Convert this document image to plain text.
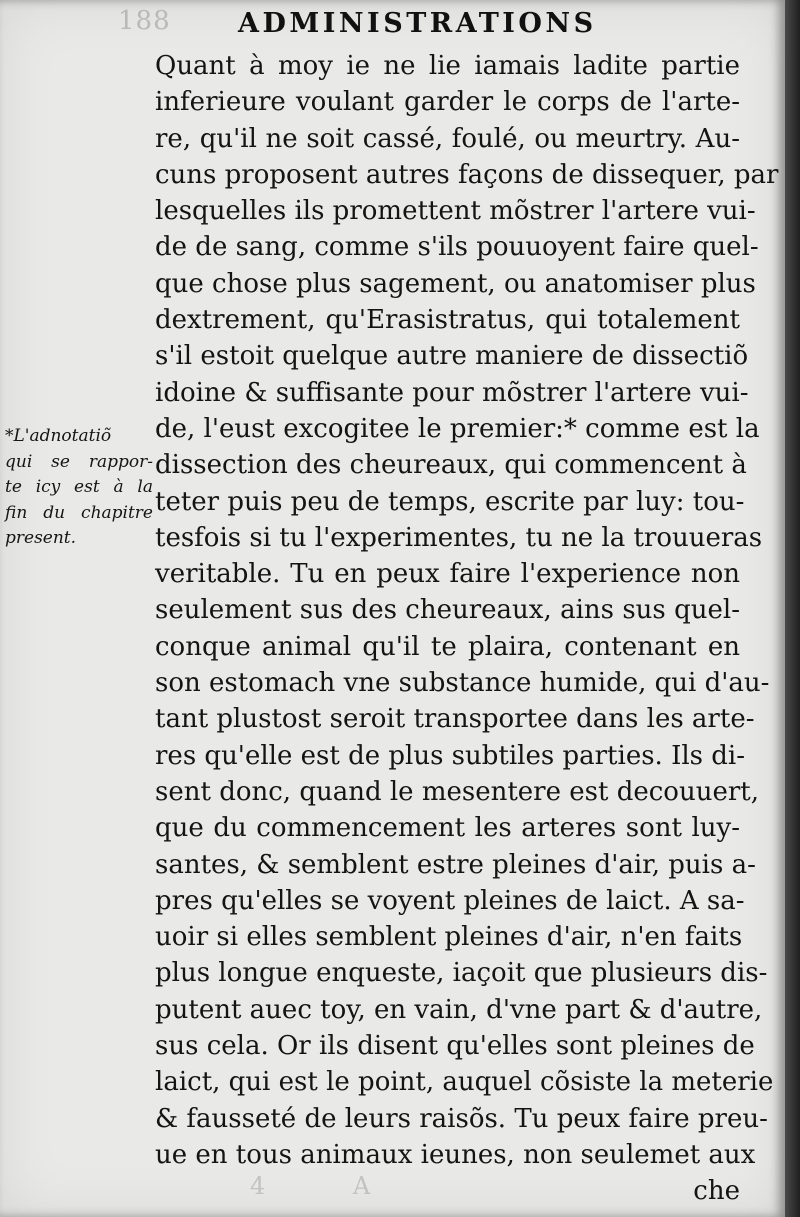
188 ADMINISTRATIONS
*L'adnotatiõ
qui se rappor-
te icy est à la
fin du chapitre
present.
Quant à moy ie ne lie iamais ladite partie
inferieure voulant garder le corps de l'arte-
re, qu'il ne soit cassé, foulé, ou meurtry. Au-
cuns proposent autres façons de dissequer, par
lesquelles ils promettent mõstrer l'artere vui-
de de sang, comme s'ils pouuoyent faire quel-
que chose plus sagement, ou anatomiser plus
dextrement, qu'Erasistratus, qui totalement
s'il estoit quelque autre maniere de dissectiõ
idoine & suffisante pour mõstrer l'artere vui-
de, l'eust excogitee le premier:* comme est la
dissection des cheureaux, qui commencent à
teter puis peu de temps, escrite par luy: tou-
tesfois si tu l'experimentes, tu ne la trouueras
veritable. Tu en peux faire l'experience non
seulement sus des cheureaux, ains sus quel-
conque animal qu'il te plaira, contenant en
son estomach vne substance humide, qui d'au-
tant plustost seroit transportee dans les arte-
res qu'elle est de plus subtiles parties. Ils di-
sent donc, quand le mesentere est decouuert,
que du commencement les arteres sont luy-
santes, & semblent estre pleines d'air, puis a-
pres qu'elles se voyent pleines de laict. A sa-
uoir si elles semblent pleines d'air, n'en faits
plus longue enqueste, iaçoit que plusieurs dis-
putent auec toy, en vain, d'vne part & d'autre,
sus cela. Or ils disent qu'elles sont pleines de
laict, qui est le point, auquel cõsiste la meterie
& fausseté de leurs raisõs. Tu peux faire preu-
ue en tous animaux ieunes, non seulemet aux
che
4 A
